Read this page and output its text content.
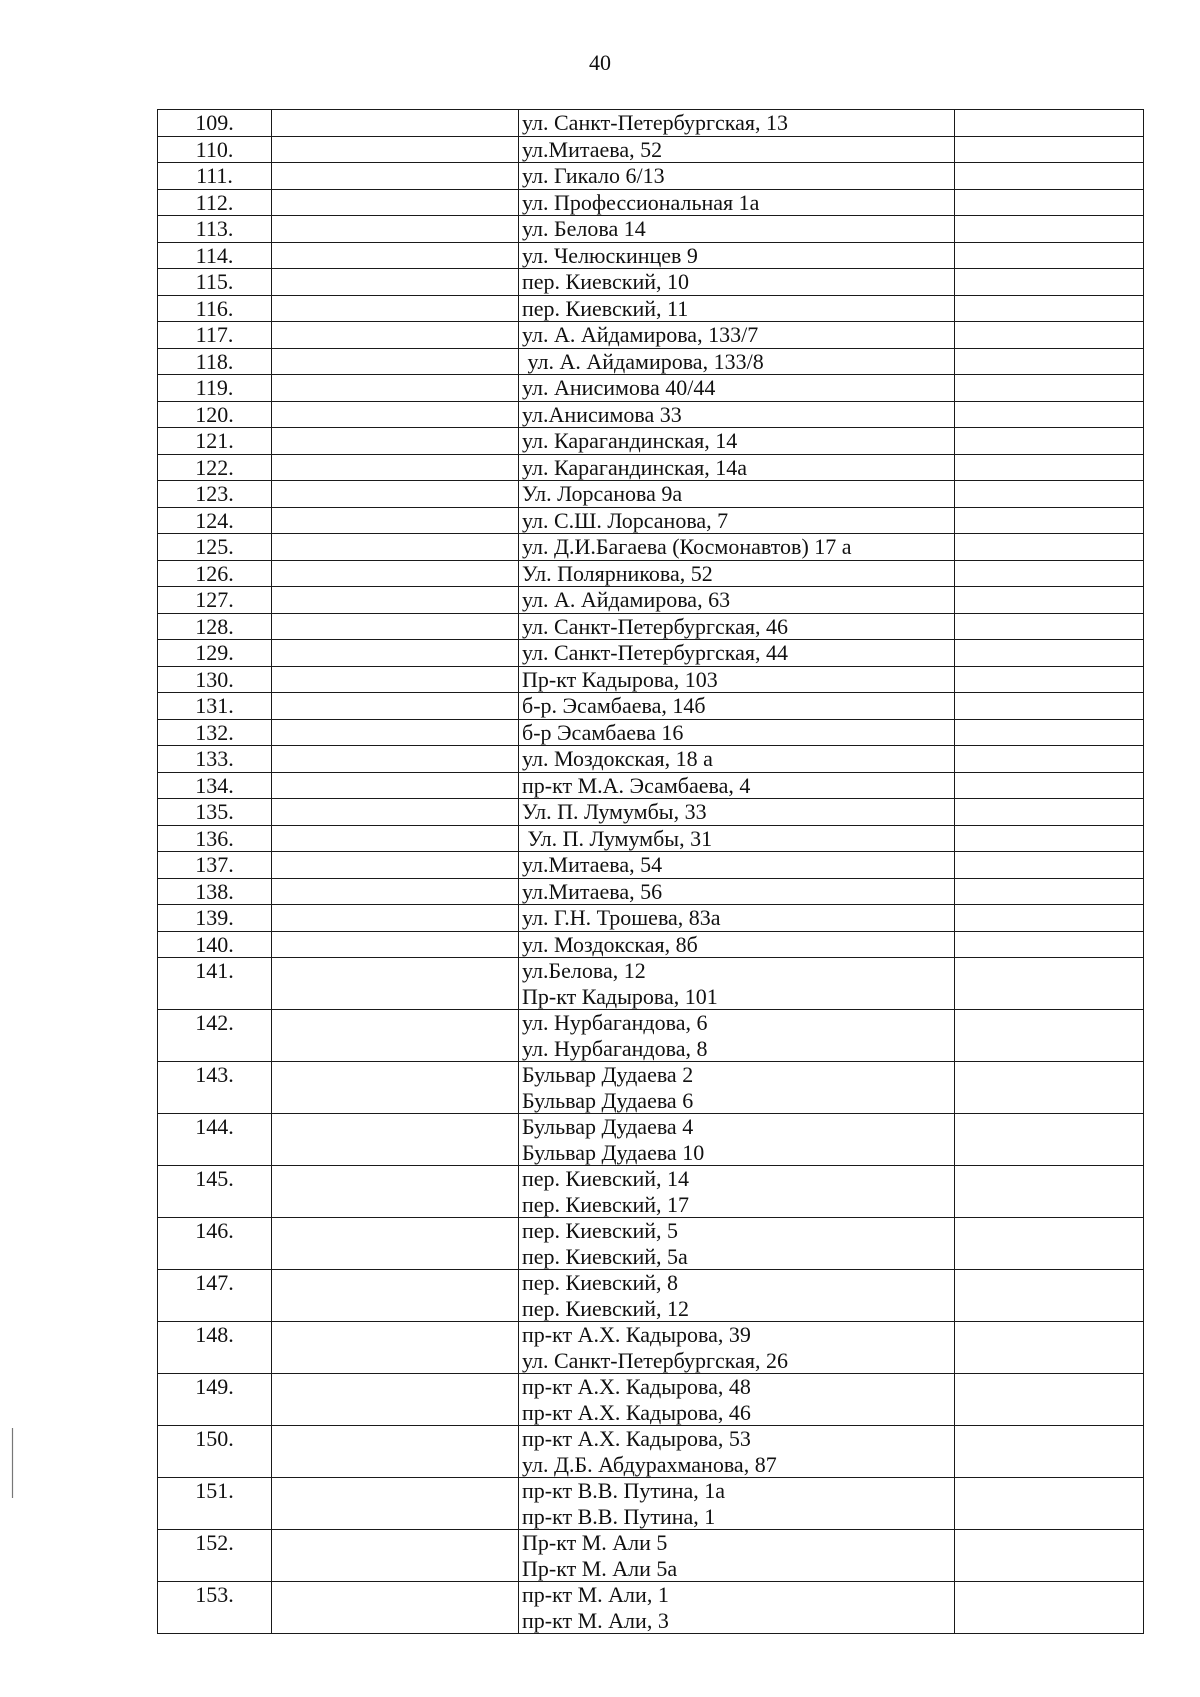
40
109.		ул. Санкт-Петербургская, 13	

110.		ул.Митаева, 52	

111.		ул. Гикало 6/13	

112.		ул. Профессиональная 1а	

113.		ул. Белова 14	

114.		ул. Челюскинцев 9	

115.		пер. Киевский, 10	

116.		пер. Киевский, 11	

117.		ул. А. Айдамирова, 133/7	

118.		ул. А. Айдамирова, 133/8	

119.		ул. Анисимова 40/44	

120.		ул.Анисимова 33	

121.		ул. Карагандинская, 14	

122.		ул. Карагандинская, 14а	

123.		Ул. Лорсанова 9а	

124.		ул. С.Ш. Лорсанова, 7	

125.		ул. Д.И.Багаева (Космонавтов) 17 а	

126.		Ул. Полярникова, 52	

127.		ул. А. Айдамирова, 63	

128.		ул. Санкт-Петербургская, 46	

129.		ул. Санкт-Петербургская, 44	

130.		Пр-кт Кадырова, 103	

131.		б-р. Эсамбаева, 14б	

132.		б-р Эсамбаева 16	

133.		ул. Моздокская, 18 а	

134.		пр-кт М.А. Эсамбаева, 4	

135.		Ул. П. Лумумбы, 33	

136.		Ул. П. Лумумбы, 31	

137.		ул.Митаева, 54	

138.		ул.Митаева, 56	

139.		ул. Г.Н. Трошева, 83а	

140.		ул. Моздокская, 8б	

141.		ул.Белова, 12
Пр-кт Кадырова, 101	

142.		ул. Нурбагандова, 6
ул. Нурбагандова, 8	

143.		Бульвар Дудаева 2
Бульвар Дудаева 6	

144.		Бульвар Дудаева 4
Бульвар Дудаева 10	

145.		пер. Киевский, 14
пер. Киевский, 17	

146.		пер. Киевский, 5
пер. Киевский, 5а	

147.		пер. Киевский, 8
пер. Киевский, 12	

148.		пр-кт А.Х. Кадырова, 39
ул. Санкт-Петербургская, 26	

149.		пр-кт А.Х. Кадырова, 48
пр-кт А.Х. Кадырова, 46	

150.		пр-кт А.Х. Кадырова, 53
ул. Д.Б. Абдурахманова, 87	

151.		пр-кт В.В. Путина, 1а
пр-кт В.В. Путина, 1	

152.		Пр-кт М. Али 5
Пр-кт М. Али 5а	

153.		пр-кт М. Али, 1
пр-кт М. Али, 3	
